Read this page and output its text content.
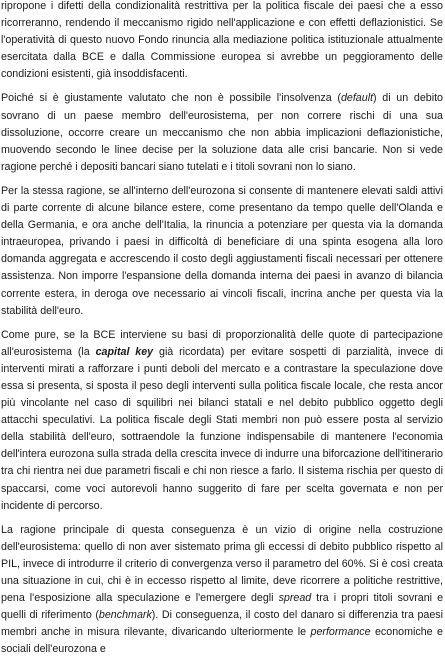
ripropone i difetti della condizionalità restrittiva per la politica fiscale dei paesi che a esso ricorreranno, rendendo il meccanismo rigido nell'applicazione e con effetti deflazionistici. Se l'operatività di questo nuovo Fondo rinuncia alla mediazione politica istituzionale attualmente esercitata dalla BCE e dalla Commissione europea si avrebbe un peggioramento delle condizioni esistenti, già insoddisfacenti.

Poiché si è giustamente valutato che non è possibile l'insolvenza (default) di un debito sovrano di un paese membro dell'eurosistema, per non correre rischi di una sua dissoluzione, occorre creare un meccanismo che non abbia implicazioni deflazionistiche, muovendo secondo le linee decise per la soluzione data alle crisi bancarie. Non si vede ragione perché i depositi bancari siano tutelati e i titoli sovrani non lo siano.

Per la stessa ragione, se all'interno dell'eurozona si consente di mantenere elevati saldi attivi di parte corrente di alcune bilance estere, come presentano da tempo quelle dell'Olanda e della Germania, e ora anche dell'Italia, la rinuncia a potenziare per questa via la domanda intraeuropea, privando i paesi in difficoltà di beneficiare di una spinta esogena alla loro domanda aggregata e accrescendo il costo degli aggiustamenti fiscali necessari per ottenere assistenza. Non imporre l'espansione della domanda interna dei paesi in avanzo di bilancia corrente estera, in deroga ove necessario ai vincoli fiscali, incrina anche per questa via la stabilità dell'euro.

Come pure, se la BCE interviene su basi di proporzionalità delle quote di partecipazione all'eurosistema (la capital key già ricordata) per evitare sospetti di parzialità, invece di interventi mirati a rafforzare i punti deboli del mercato e a contrastare la speculazione dove essa si presenta, si sposta il peso degli interventi sulla politica fiscale locale, che resta ancor più vincolante nel caso di squilibri nei bilanci statali e nel debito pubblico oggetto degli attacchi speculativi. La politica fiscale degli Stati membri non può essere posta al servizio della stabilità dell'euro, sottraendole la funzione indispensabile di mantenere l'economia dell'intera eurozona sulla strada della crescita invece di indurre una biforcazione dell'itinerario tra chi rientra nei due parametri fiscali e chi non riesce a farlo. Il sistema rischia per questo di spaccarsi, come voci autorevoli hanno suggerito di fare per scelta governata e non per incidente di percorso.

La ragione principale di questa conseguenza è un vizio di origine nella costruzione dell'eurosistema: quello di non aver sistemato prima gli eccessi di debito pubblico rispetto al PIL, invece di introdurre il criterio di convergenza verso il parametro del 60%. Si è così creata una situazione in cui, chi è in eccesso rispetto al limite, deve ricorrere a politiche restrittive, pena l'esposizione alla speculazione e l'emergere degli spread tra i propri titoli sovrani e quelli di riferimento (benchmark). Di conseguenza, il costo del danaro si differenzia tra paesi membri anche in misura rilevante, divaricando ulteriormente le performance economiche e sociali dell'eurozona e
